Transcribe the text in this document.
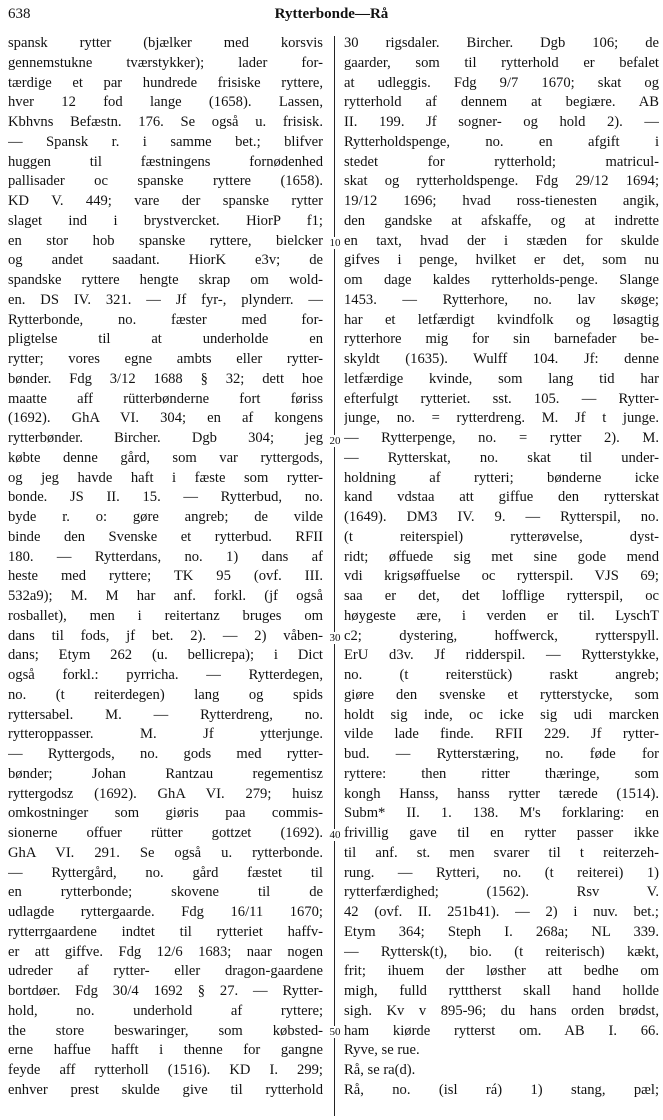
638	Rytterbonde—Rå
spansk rytter (bjælker med korsvis
gennemstukne tværstykker); lader for-
tærdige et par hundrede frisiske ryttere,
hver 12 fod lange (1658). Lassen,
Kbhvns Befæstn. 176. Se også u. frisisk.
— Spansk r. i samme bet.; blifver
huggen til fæstningens fornødenhed
pallisader oc spanske ryttere (1658).
KD V. 449; vare der spanske rytter
slaget ind i brystvercket. HiorP f1;
en stor hob spanske ryttere, bielcker
og andet saadant. HiorK e3v; de
spandske ryttere hengte skrap om wold-
en. DS IV. 321. — Jf fyr-, plynderr. —
Rytterbonde, no. fæster med for-
pligtelse til at underholde en
rytter; vores egne ambts eller rytter-
bønder. Fdg 3/12 1688 § 32; dett hoe
maatte aff rütterbønderne fort føriss
(1692). GhA VI. 304; en af kongens
rytterbønder. Bircher. Dgb 304; jeg
købte denne gård, som var ryttergods,
og jeg havde haft i fæste som rytter-
bonde. JS II. 15. — Rytterbud, no.
byde r. o: gøre angreb; de vilde
binde den Svenske et rytterbud. RFII
180. — Rytterdans, no. 1) dans af
heste med ryttere; TK 95 (ovf. III.
532a9); M. M har anf. forkl. (jf også
rosballet), men i reitertanz bruges om
dans til fods, jf bet. 2). — 2) våben-
dans; Etym 262 (u. bellicrepa); i Dict
også forkl.: pyrricha. — Rytterdegen,
no. (t reiterdegen) lang og spids
ryttersabel. M. — Rytterdreng, no.
rytteroppasser. M. Jf ytterjunge.
— Ryttergods, no. gods med rytter-
bønder; Johan Rantzau regementisz
ryttergodsz (1692). GhA VI. 279; huisz
omkostninger som giøris paa commis-
sionerne offuer rütter gottzet (1692).
GhA VI. 291. Se også u. rytterbonde.
— Ryttergård, no. gård fæstet til
en rytterbonde; skovene til de
udlagde ryttergaarde. Fdg 16/11 1670;
rytterrgaardene indtet til rytteriet haffv-
er att giffve. Fdg 12/6 1683; naar nogen
udreder af rytter- eller dragon-gaardene
bortdøer. Fdg 30/4 1692 § 27. — Rytter-
hold, no. underhold af ryttere;
the store beswaringer, som købsted-
erne haffue hafft i thenne for gangne
feyde aff rytterholl (1516). KD I. 299;
enhver prest skulde give til rytterhold
30 rigsdaler. Bircher. Dgb 106; de
gaarder, som til rytterhold er befalet
at udleggis. Fdg 9/7 1670; skat og
rytterhold af dennem at begiære. AB
II. 199. Jf sogner- og hold 2). —
Rytterholdspenge, no. en afgift i
stedet for rytterhold; matricul-
skat og rytterholdspenge. Fdg 29/12 1694;
19/12 1696; hvad ross-tienesten angik,
den gandske at afskaffe, og at indrette
en taxt, hvad der i stæden for skulde
gifves i penge, hvilket er det, som nu
om dage kaldes rytterholds-penge. Slange
1453. — Rytterhore, no. lav skøge;
har et letfærdigt kvindfolk og løsagtig
rytterhore mig for sin barnefader be-
skyldt (1635). Wulff 104. Jf: denne
letfærdige kvinde, som lang tid har
efterfulgt rytteriet. sst. 105. — Rytter-
junge, no. = rytterdreng. M. Jf t junge.
— Rytterpenge, no. = rytter 2). M.
— Rytterskat, no. skat til under-
holdning af rytteri; bønderne icke
kand vdstaa att giffue den rytterskat
(1649). DM3 IV. 9. — Rytterspil, no.
(t reiterspiel) rytterøvelse, dyst-
ridt; øffuede sig met sine gode mend
vdi krigsøffuelse oc rytterspil. VJS 69;
saa er det, det lofflige rytterspil, oc
høygeste ære, i verden er til. LyschT
c2; dystering, hoffwerck, rytterspyll.
ErU d3v. Jf ridderspil. — Rytterstykke,
no. (t reiterstück) raskt angreb;
giøre den svenske et rytterstycke, som
holdt sig inde, oc icke sig udi marcken
vilde lade finde. RFII 229. Jf rytter-
bud. — Rytterstæring, no. føde for
ryttere: then ritter thæringe, som
kongh Hanss, hanss rytter tærede (1514).
Subm* II. 1. 138. M's forklaring: en
frivillig gave til en rytter passer ikke
til anf. st. men svarer til t reiterzeh-
rung. — Rytteri, no. (t reiterei) 1)
rytterfærdighed; (1562). Rsv V.
42 (ovf. II. 251b41). — 2) i nuv. bet.;
Etym 364; Steph I. 268a; NL 339.
— Ryttersk(t), bio. (t reiterisch) kækt,
frit; ihuem der løsther att bedhe om
migh, fulld rytttherst skall hand hollde
sigh. Kv v 895-96; du hans orden brødst,
ham kiørde rytterst om. AB I. 66.
Ryve, se rue.
Rå, se ra(d).
Rå, no. (isl rá) 1) stang, pæl;
10
20
30
40
50
